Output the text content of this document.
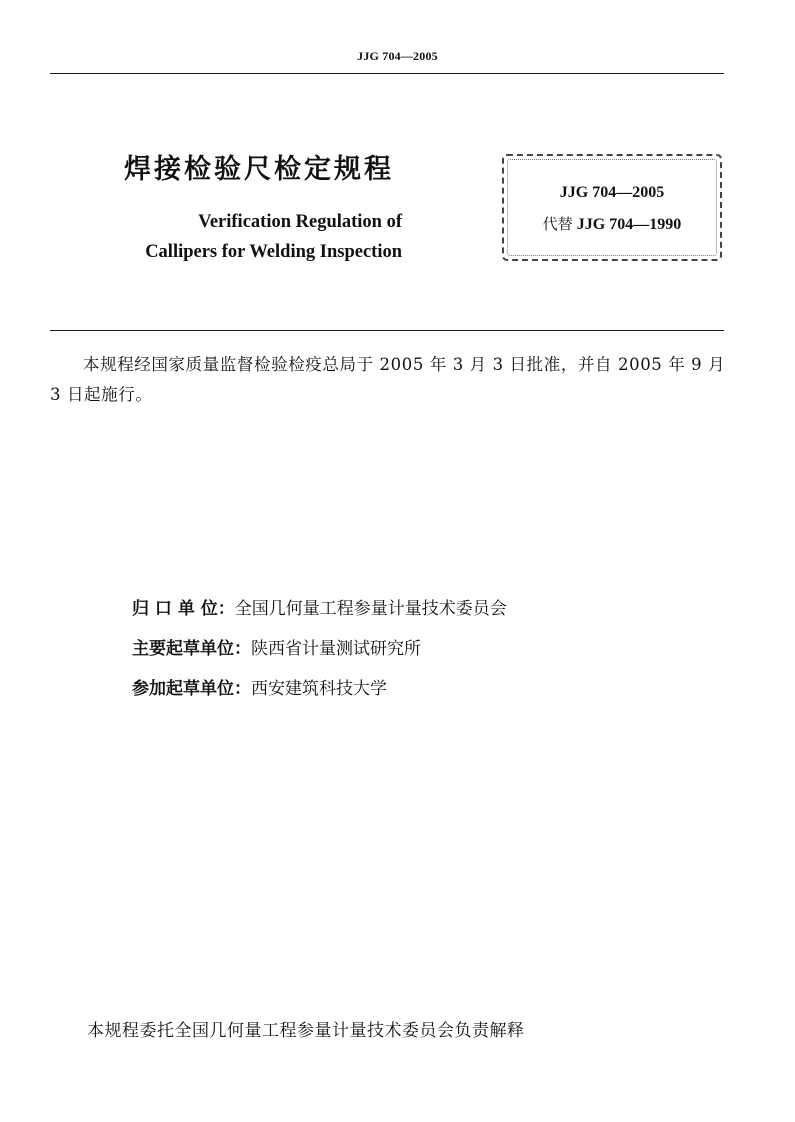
JJG 704—2005
焊接检验尺检定规程
Verification Regulation of
Callipers for Welding Inspection
JJG 704—2005
代替 JJG 704—1990
本规程经国家质量监督检验检疫总局于 2005 年 3 月 3 日批准，并自 2005 年 9 月 3 日起施行。
归 口 单 位：全国几何量工程参量计量技术委员会
主要起草单位：陕西省计量测试研究所
参加起草单位：西安建筑科技大学
本规程委托全国几何量工程参量计量技术委员会负责解释
